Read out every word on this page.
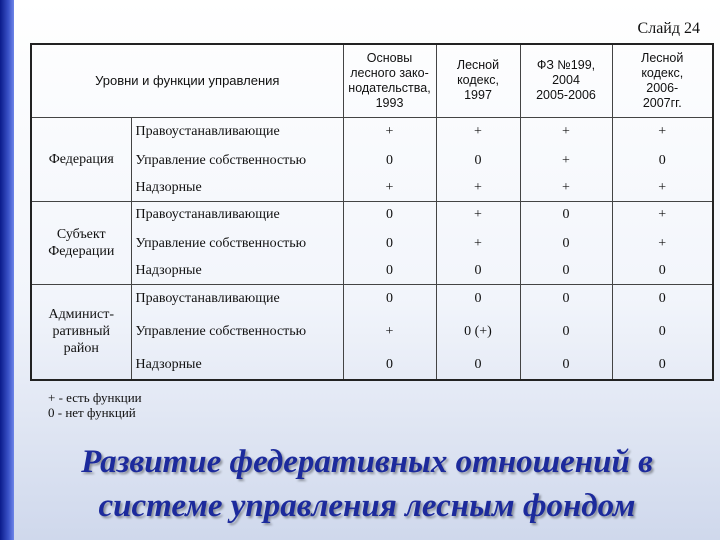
Слайд 24
Уровни и функции управления		Основы
лесного зако-
нодательства,
1993	Лесной
кодекс,
1997	ФЗ №199,
2004
2005-2006	Лесной
кодекс,
2006-
2007гг.
Федерация	Правоустанавливающие	+	+	+	+
	Управление собственностью	0	0	+	0
	Надзорные	+	+	+	+
Субъект
Федерации	Правоустанавливающие	0	+	0	+
	Управление собственностью	0	+	0	+
	Надзорные	0	0	0	0
Админист-
ративный
район	Правоустанавливающие	0	0	0	0
	Управление собственностью	+	0 (+)	0	0
	Надзорные	0	0	0	0
+ - есть функции
0 - нет функций
Развитие федеративных отношений в
системе управления лесным фондом
